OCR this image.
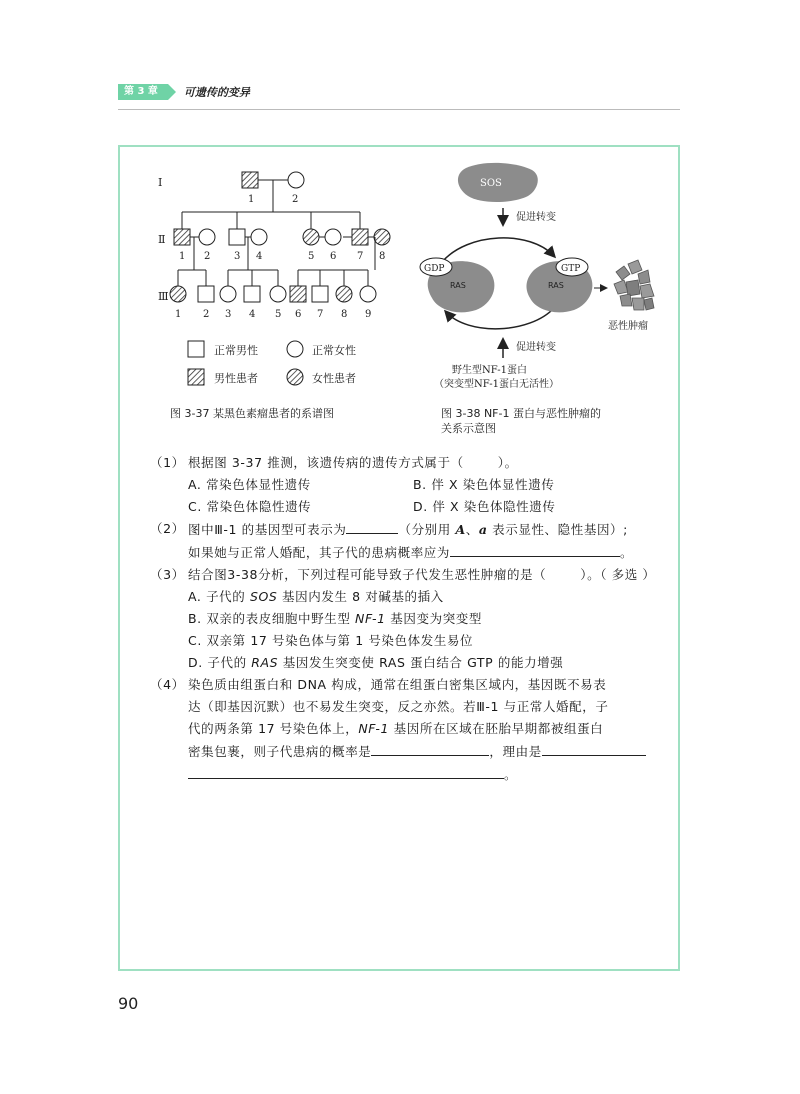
第 3 章	可遗传的变异
Ⅰ
Ⅱ
Ⅲ
1	2
1 2 3 4	5 6 7 8
1 2 3 4 5 6 7 8 9
正常男性	正常女性
男性患者	女性患者
SOS
促进转变
RAS
GDP
RAS
GTP
恶性肿瘤
促进转变
野生型NF-1蛋白
（突变型NF-1蛋白无活性）
图 3-37 某黑色素瘤患者的系谱图	图 3-38 NF-1 蛋白与恶性肿瘤的
关系示意图
（1） 根据图 3-37 推测，该遗传病的遗传方式属于（	）。
A. 常染色体显性遗传	B. 伴 X 染色体显性遗传
C. 常染色体隐性遗传	D. 伴 X 染色体隐性遗传
（2） 图中Ⅲ-1 的基因型可表示为	（分别用 A、a 表示显性、隐性基因）;
如果她与正常人婚配，其子代的患病概率应为	。
（3） 结合图3-38分析，下列过程可能导致子代发生恶性肿瘤的是（	）。（ 多选 ）
A. 子代的 SOS 基因内发生 8 对碱基的插入
B. 双亲的表皮细胞中野生型 NF-1 基因变为突变型
C. 双亲第 17 号染色体与第 1 号染色体发生易位
D. 子代的 RAS 基因发生突变使 RAS 蛋白结合 GTP 的能力增强
（4） 染色质由组蛋白和 DNA 构成，通常在组蛋白密集区域内，基因既不易表
达（即基因沉默）也不易发生突变，反之亦然。若Ⅲ-1 与正常人婚配，子
代的两条第 17 号染色体上，NF-1 基因所在区域在胚胎早期都被组蛋白
密集包裹，则子代患病的概率是	，理由是
。
90
